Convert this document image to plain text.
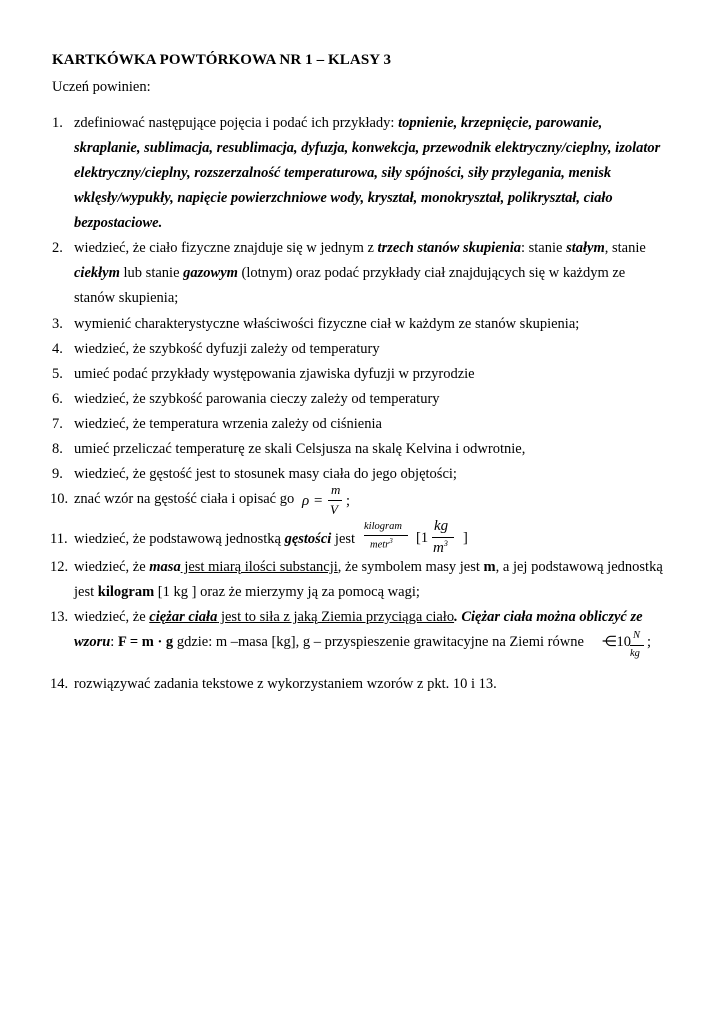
KARTKÓWKA POWTÓRKOWA NR 1 – KLASY 3
Uczeń powinien:
1. zdefiniować następujące pojęcia i podać ich przykłady: topnienie, krzepnięcie, parowanie,
skraplanie, sublimacja, resublimacja, dyfuzja, konwekcja, przewodnik elektryczny/cieplny, izolator
elektryczny/cieplny, rozszerzalność temperaturowa, siły spójności, siły przylegania, menisk
wklęsły/wypukły, napięcie powierzchniowe wody, kryształ, monokryształ, polikryształ, ciało
bezpostaciowe.
2. wiedzieć, że ciało fizyczne znajduje się w jednym z trzech stanów skupienia: stanie stałym, stanie
ciekłym lub stanie gazowym (lotnym) oraz podać przykłady ciał znajdujących się w każdym ze
stanów skupienia;
3. wymienić charakterystyczne właściwości fizyczne ciał w każdym ze stanów skupienia;
4. wiedzieć, że szybkość dyfuzji zależy od temperatury
5. umieć podać przykłady występowania zjawiska dyfuzji w przyrodzie
6. wiedzieć, że szybkość parowania cieczy zależy od temperatury
7. wiedzieć, że temperatura wrzenia zależy od ciśnienia
8. umieć przeliczać temperaturę ze skali Celsjusza na skalę Kelvina i odwrotnie,
9. wiedzieć, że gęstość jest to stosunek masy ciała do jego objętości;
10. znać wzór na gęstość ciała i opisać go ρ =
m
V
;
11. wiedzieć, że podstawową jednostką gęstości jest
kilogram
metr$^3$ [1
kg
$m^3$ ]
12. wiedzieć, że masa jest miarą ilości substancji, że symbolem masy jest m, a jej podstawową jednostką
jest kilogram [1 kg ] oraz że mierzymy ją za pomocą wagi;
13. wiedzieć, że ciężar ciała jest to siła z jaką Ziemia przyciąga ciało. Ciężar ciała można obliczyć ze
wzoru: F = m · g gdzie: m –masa [kg], g – przyspieszenie grawitacyjne na Ziemi równe ⋲10 N
kg
;
14. rozwiązywać zadania tekstowe z wykorzystaniem wzorów z pkt. 10 i 13.
